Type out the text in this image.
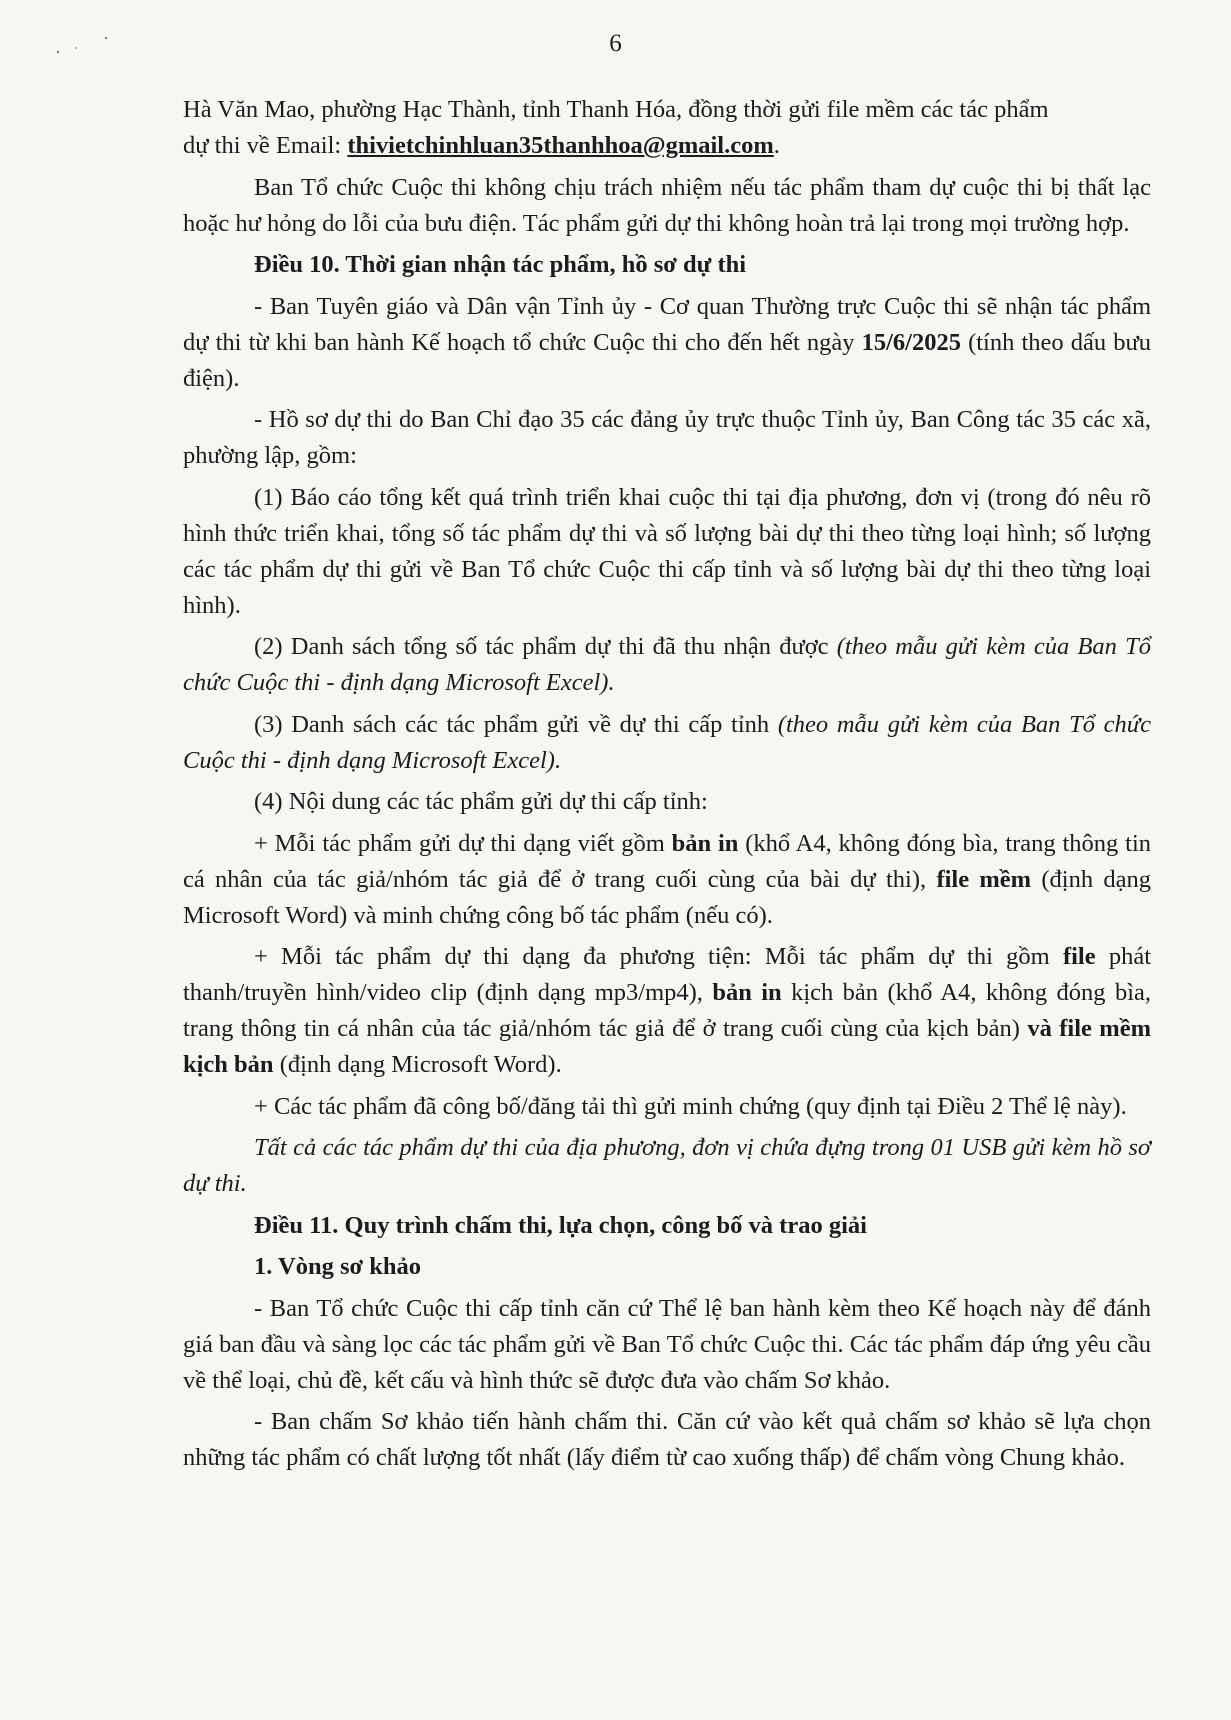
6

Hà Văn Mao, phường Hạc Thành, tỉnh Thanh Hóa, đồng thời gửi file mềm các tác phẩm
dự thi về Email: thivietchinhluan35thanhhoa@gmail.com.

Ban Tổ chức Cuộc thi không chịu trách nhiệm nếu tác phẩm tham dự cuộc thi bị thất lạc hoặc hư hỏng do lỗi của bưu điện. Tác phẩm gửi dự thi không hoàn trả lại trong mọi trường hợp.

Điều 10. Thời gian nhận tác phẩm, hồ sơ dự thi

- Ban Tuyên giáo và Dân vận Tỉnh ủy - Cơ quan Thường trực Cuộc thi sẽ nhận tác phẩm dự thi từ khi ban hành Kế hoạch tổ chức Cuộc thi cho đến hết ngày 15/6/2025 (tính theo dấu bưu điện).

- Hồ sơ dự thi do Ban Chỉ đạo 35 các đảng ủy trực thuộc Tỉnh ủy, Ban Công tác 35 các xã, phường lập, gồm:

(1) Báo cáo tổng kết quá trình triển khai cuộc thi tại địa phương, đơn vị (trong đó nêu rõ hình thức triển khai, tổng số tác phẩm dự thi và số lượng bài dự thi theo từng loại hình; số lượng các tác phẩm dự thi gửi về Ban Tổ chức Cuộc thi cấp tỉnh và số lượng bài dự thi theo từng loại hình).

(2) Danh sách tổng số tác phẩm dự thi đã thu nhận được (theo mẫu gửi kèm của Ban Tổ chức Cuộc thi - định dạng Microsoft Excel).

(3) Danh sách các tác phẩm gửi về dự thi cấp tỉnh (theo mẫu gửi kèm của Ban Tổ chức Cuộc thi - định dạng Microsoft Excel).

(4) Nội dung các tác phẩm gửi dự thi cấp tỉnh:

+ Mỗi tác phẩm gửi dự thi dạng viết gồm bản in (khổ A4, không đóng bìa, trang thông tin cá nhân của tác giả/nhóm tác giả để ở trang cuối cùng của bài dự thi), file mềm (định dạng Microsoft Word) và minh chứng công bố tác phẩm (nếu có).

+ Mỗi tác phẩm dự thi dạng đa phương tiện: Mỗi tác phẩm dự thi gồm file phát thanh/truyền hình/video clip (định dạng mp3/mp4), bản in kịch bản (khổ A4, không đóng bìa, trang thông tin cá nhân của tác giả/nhóm tác giả để ở trang cuối cùng của kịch bản) và file mềm kịch bản (định dạng Microsoft Word).

+ Các tác phẩm đã công bố/đăng tải thì gửi minh chứng (quy định tại Điều 2 Thể lệ này).

Tất cả các tác phẩm dự thi của địa phương, đơn vị chứa đựng trong 01 USB gửi kèm hồ sơ dự thi.

Điều 11. Quy trình chấm thi, lựa chọn, công bố và trao giải

1. Vòng sơ khảo

- Ban Tổ chức Cuộc thi cấp tỉnh căn cứ Thể lệ ban hành kèm theo Kế hoạch này để đánh giá ban đầu và sàng lọc các tác phẩm gửi về Ban Tổ chức Cuộc thi. Các tác phẩm đáp ứng yêu cầu về thể loại, chủ đề, kết cấu và hình thức sẽ được đưa vào chấm Sơ khảo.

- Ban chấm Sơ khảo tiến hành chấm thi. Căn cứ vào kết quả chấm sơ khảo sẽ lựa chọn những tác phẩm có chất lượng tốt nhất (lấy điểm từ cao xuống thấp) để chấm vòng Chung khảo.
